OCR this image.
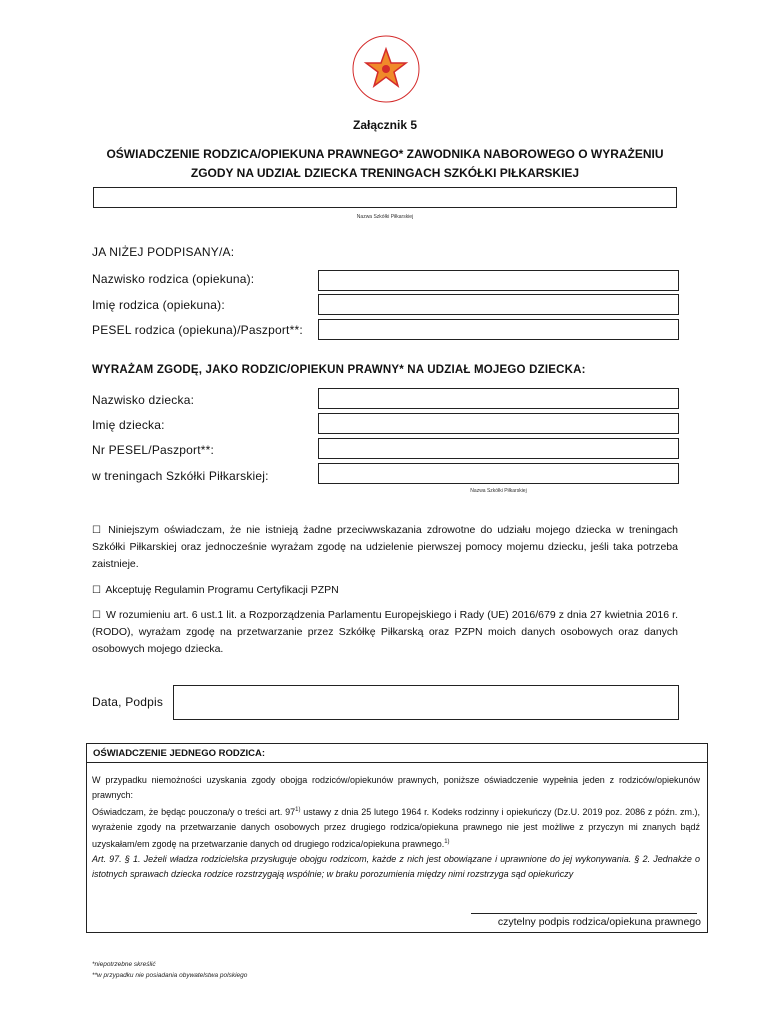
Załącznik 5
OŚWIADCZENIE RODZICA/OPIEKUNA PRAWNEGO* ZAWODNIKA NABOROWEGO O WYRAŻENIU
ZGODY NA UDZIAŁ DZIECKA TRENINGACH SZKÓŁKI PIŁKARSKIEJ
Nazwa Szkółki Piłkarskiej
JA NIŻEJ PODPISANY/A:
Nazwisko rodzica (opiekuna):
Imię rodzica (opiekuna):
PESEL rodzica (opiekuna)/Paszport**:
WYRAŻAM ZGODĘ, JAKO RODZIC/OPIEKUN PRAWNY* NA UDZIAŁ MOJEGO DZIECKA:
Nazwisko dziecka:
Imię dziecka:
Nr PESEL/Paszport**:
w treningach Szkółki Piłkarskiej:
Nazwa Szkółki Piłkarskiej
☐ Niniejszym oświadczam, że nie istnieją żadne przeciwwskazania zdrowotne do udziału mojego dziecka w treningach Szkółki Piłkarskiej oraz jednocześnie wyrażam zgodę na udzielenie pierwszej pomocy mojemu dziecku, jeśli taka potrzeba zaistnieje.
☐ Akceptuję Regulamin Programu Certyfikacji PZPN
☐ W rozumieniu art. 6 ust.1 lit. a Rozporządzenia Parlamentu Europejskiego i Rady (UE) 2016/679 z dnia 27 kwietnia 2016 r. (RODO), wyrażam zgodę na przetwarzanie przez Szkółkę Piłkarską oraz PZPN moich danych osobowych oraz danych osobowych mojego dziecka.
Data, Podpis
OŚWIADCZENIE JEDNEGO RODZICA:
W przypadku niemożności uzyskania zgody obojga rodziców/opiekunów prawnych, poniższe oświadczenie wypełnia jeden z rodziców/opiekunów prawnych:
Oświadczam, że będąc pouczona/y o treści art. 97$^{1)}$ ustawy z dnia 25 lutego 1964 r. Kodeks rodzinny i opiekuńczy (Dz.U. 2019 poz. 2086 z późn. zm.), wyrażenie zgody na przetwarzanie danych osobowych przez drugiego rodzica/opiekuna prawnego nie jest możliwe z przyczyn mi znanych bądź uzyskałam/em zgodę na przetwarzanie danych od drugiego rodzica/opiekuna prawnego.$^{1)}$
Art. 97. § 1. Jeżeli władza rodzicielska przysługuje obojgu rodzicom, każde z nich jest obowiązane i uprawnione do jej wykonywania. § 2. Jednakże o istotnych sprawach dziecka rodzice rozstrzygają wspólnie; w braku porozumienia między nimi rozstrzyga sąd opiekuńczy
czytelny podpis rodzica/opiekuna prawnego
*niepotrzebne skreślić
**w przypadku nie posiadania obywatelstwa polskiego
